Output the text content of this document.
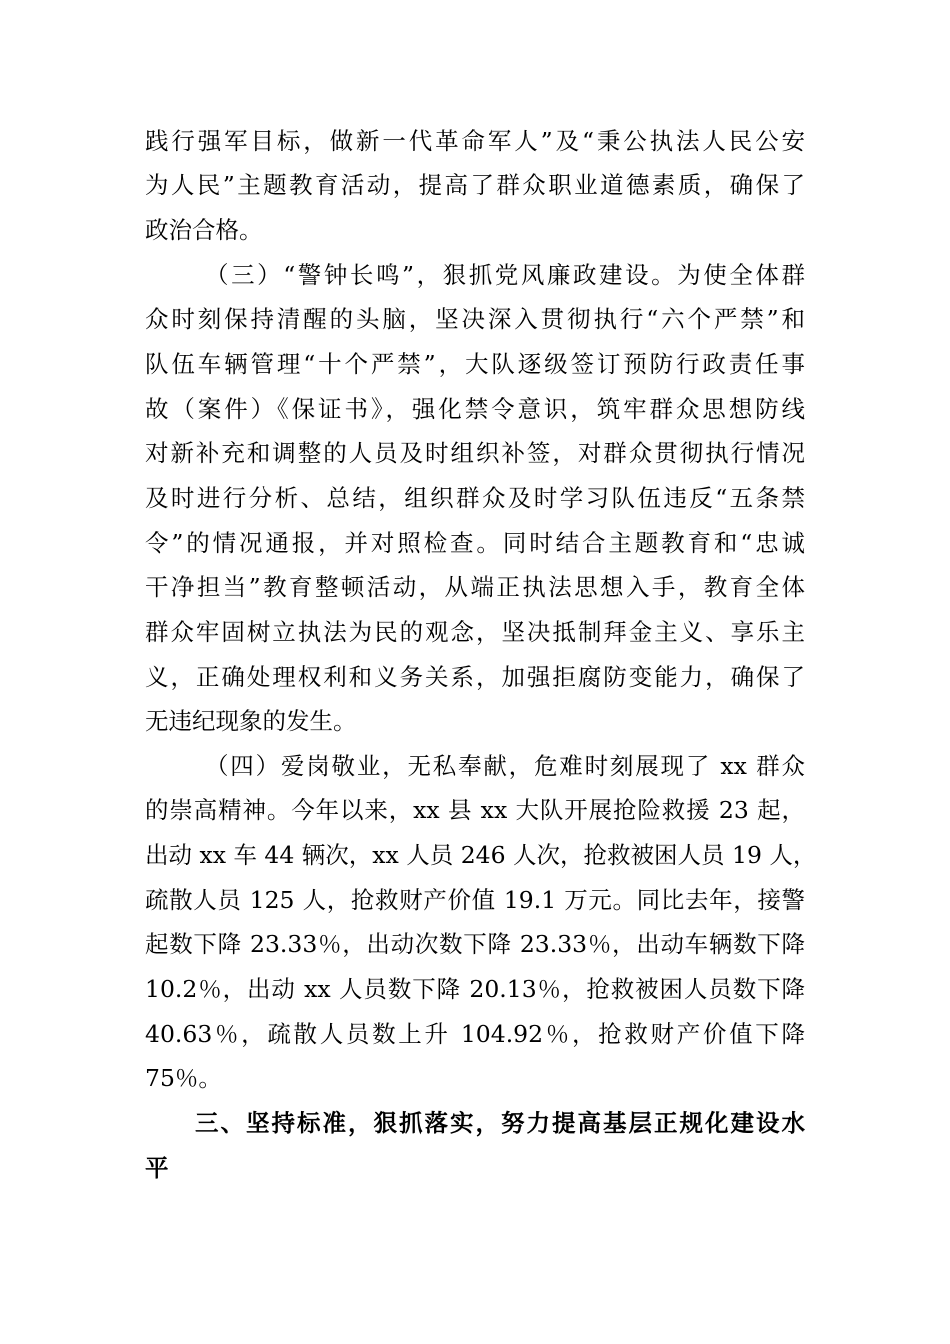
践行强军目标，做新一代革命军人”及“秉公执法人民公安
为人民”主题教育活动，提高了群众职业道德素质，确保了
政治合格。
（三）“警钟长鸣”，狠抓党风廉政建设。为使全体群
众时刻保持清醒的头脑，坚决深入贯彻执行“六个严禁”和
队伍车辆管理“十个严禁”，大队逐级签订预防行政责任事
故（案件）《保证书》，强化禁令意识，筑牢群众思想防线
对新补充和调整的人员及时组织补签，对群众贯彻执行情况
及时进行分析、总结，组织群众及时学习队伍违反“五条禁
令”的情况通报，并对照检查。同时结合主题教育和“忠诚
干净担当”教育整顿活动，从端正执法思想入手，教育全体
群众牢固树立执法为民的观念，坚决抵制拜金主义、享乐主
义，正确处理权利和义务关系，加强拒腐防变能力，确保了
无违纪现象的发生。
（四）爱岗敬业，无私奉献，危难时刻展现了 xx 群众
的崇高精神。今年以来，xx 县 xx 大队开展抢险救援 23 起，
出动 xx 车 44 辆次，xx 人员 246 人次，抢救被困人员 19 人，
疏散人员 125 人，抢救财产价值 19.1 万元。同比去年，接警
起数下降 23.33％，出动次数下降 23.33％，出动车辆数下降
10.2％，出动 xx 人员数下降 20.13％，抢救被困人员数下降
40.63％，疏散人员数上升 104.92％，抢救财产价值下降
75％。
三、坚持标准，狠抓落实，努力提高基层正规化建设水
平
